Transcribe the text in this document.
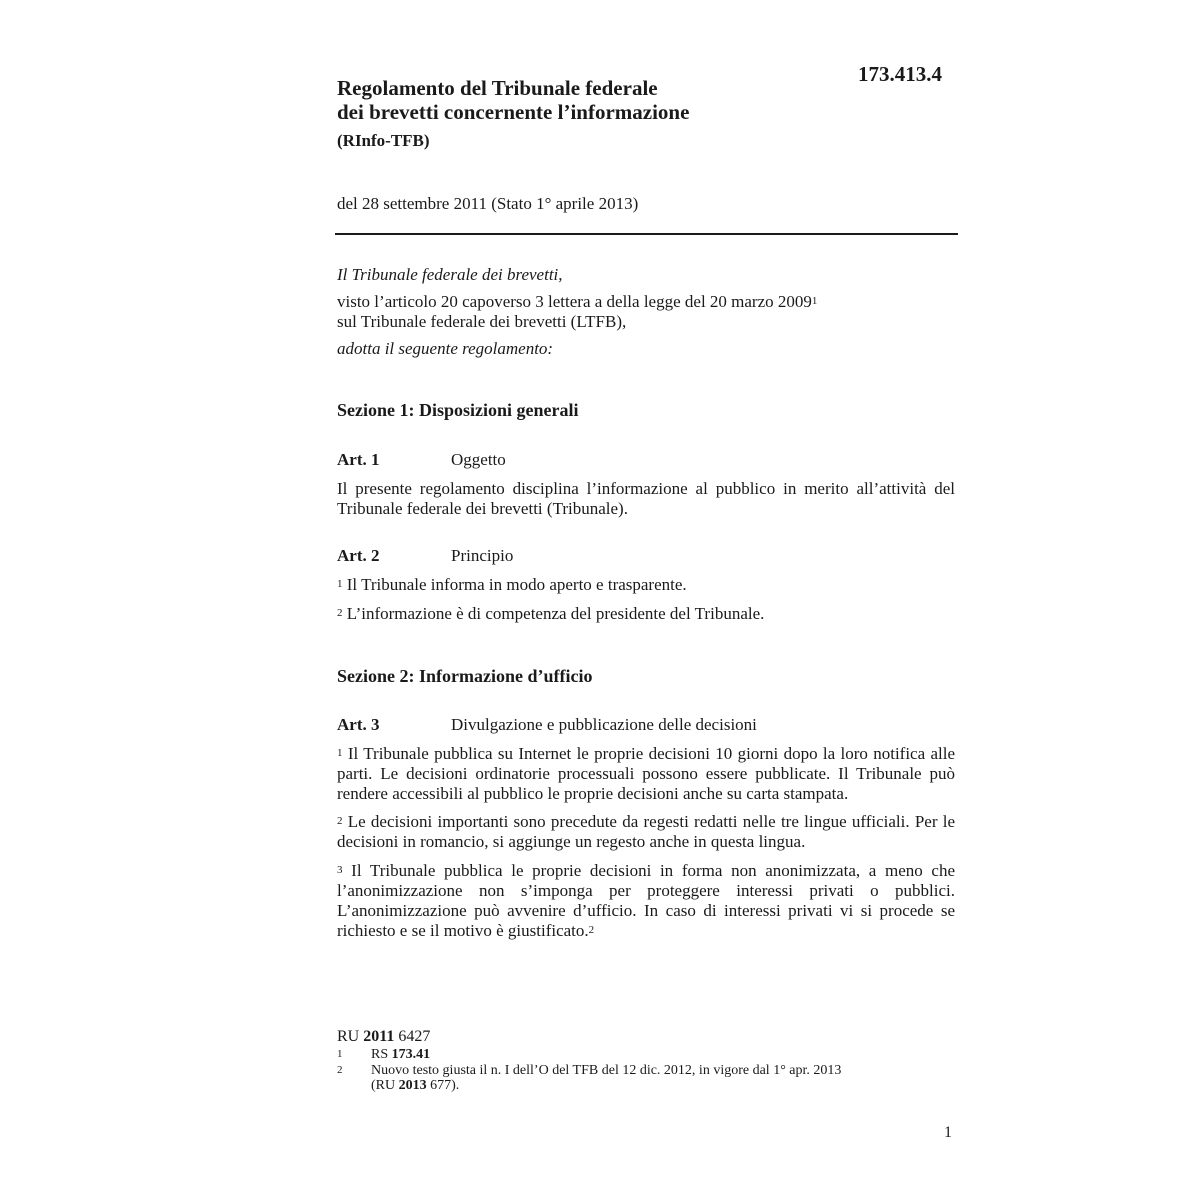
173.413.4
Regolamento del Tribunale federale
dei brevetti concernente l’informazione
(RInfo-TFB)
del 28 settembre 2011 (Stato 1° aprile 2013)
Il Tribunale federale dei brevetti,
visto l’articolo 20 capoverso 3 lettera a della legge del 20 marzo 2009$^1$
sul Tribunale federale dei brevetti (LTFB),
adotta il seguente regolamento:
Sezione 1: Disposizioni generali
Art. 1	Oggetto
Il presente regolamento disciplina l’informazione al pubblico in merito all’attività del Tribunale federale dei brevetti (Tribunale).
Art. 2	Principio
$^1$ Il Tribunale informa in modo aperto e trasparente.
$^2$ L’informazione è di competenza del presidente del Tribunale.
Sezione 2: Informazione d’ufficio
Art. 3	Divulgazione e pubblicazione delle decisioni
$^1$ Il Tribunale pubblica su Internet le proprie decisioni 10 giorni dopo la loro notifica alle parti. Le decisioni ordinatorie processuali possono essere pubblicate. Il Tribunale può rendere accessibili al pubblico le proprie decisioni anche su carta stampata.
$^2$ Le decisioni importanti sono precedute da regesti redatti nelle tre lingue ufficiali. Per le decisioni in romancio, si aggiunge un regesto anche in questa lingua.
$^3$ Il Tribunale pubblica le proprie decisioni in forma non anonimizzata, a meno che l’anonimizzazione non s’imponga per proteggere interessi privati o pubblici. L’anonimizzazione può avvenire d’ufficio. In caso di interessi privati vi si procede se richiesto e se il motivo è giustificato.$^2$
RU 2011 6427
1 RS 173.41
2 Nuovo testo giusta il n. I dell’O del TFB del 12 dic. 2012, in vigore dal 1° apr. 2013
(RU 2013 677).
1
